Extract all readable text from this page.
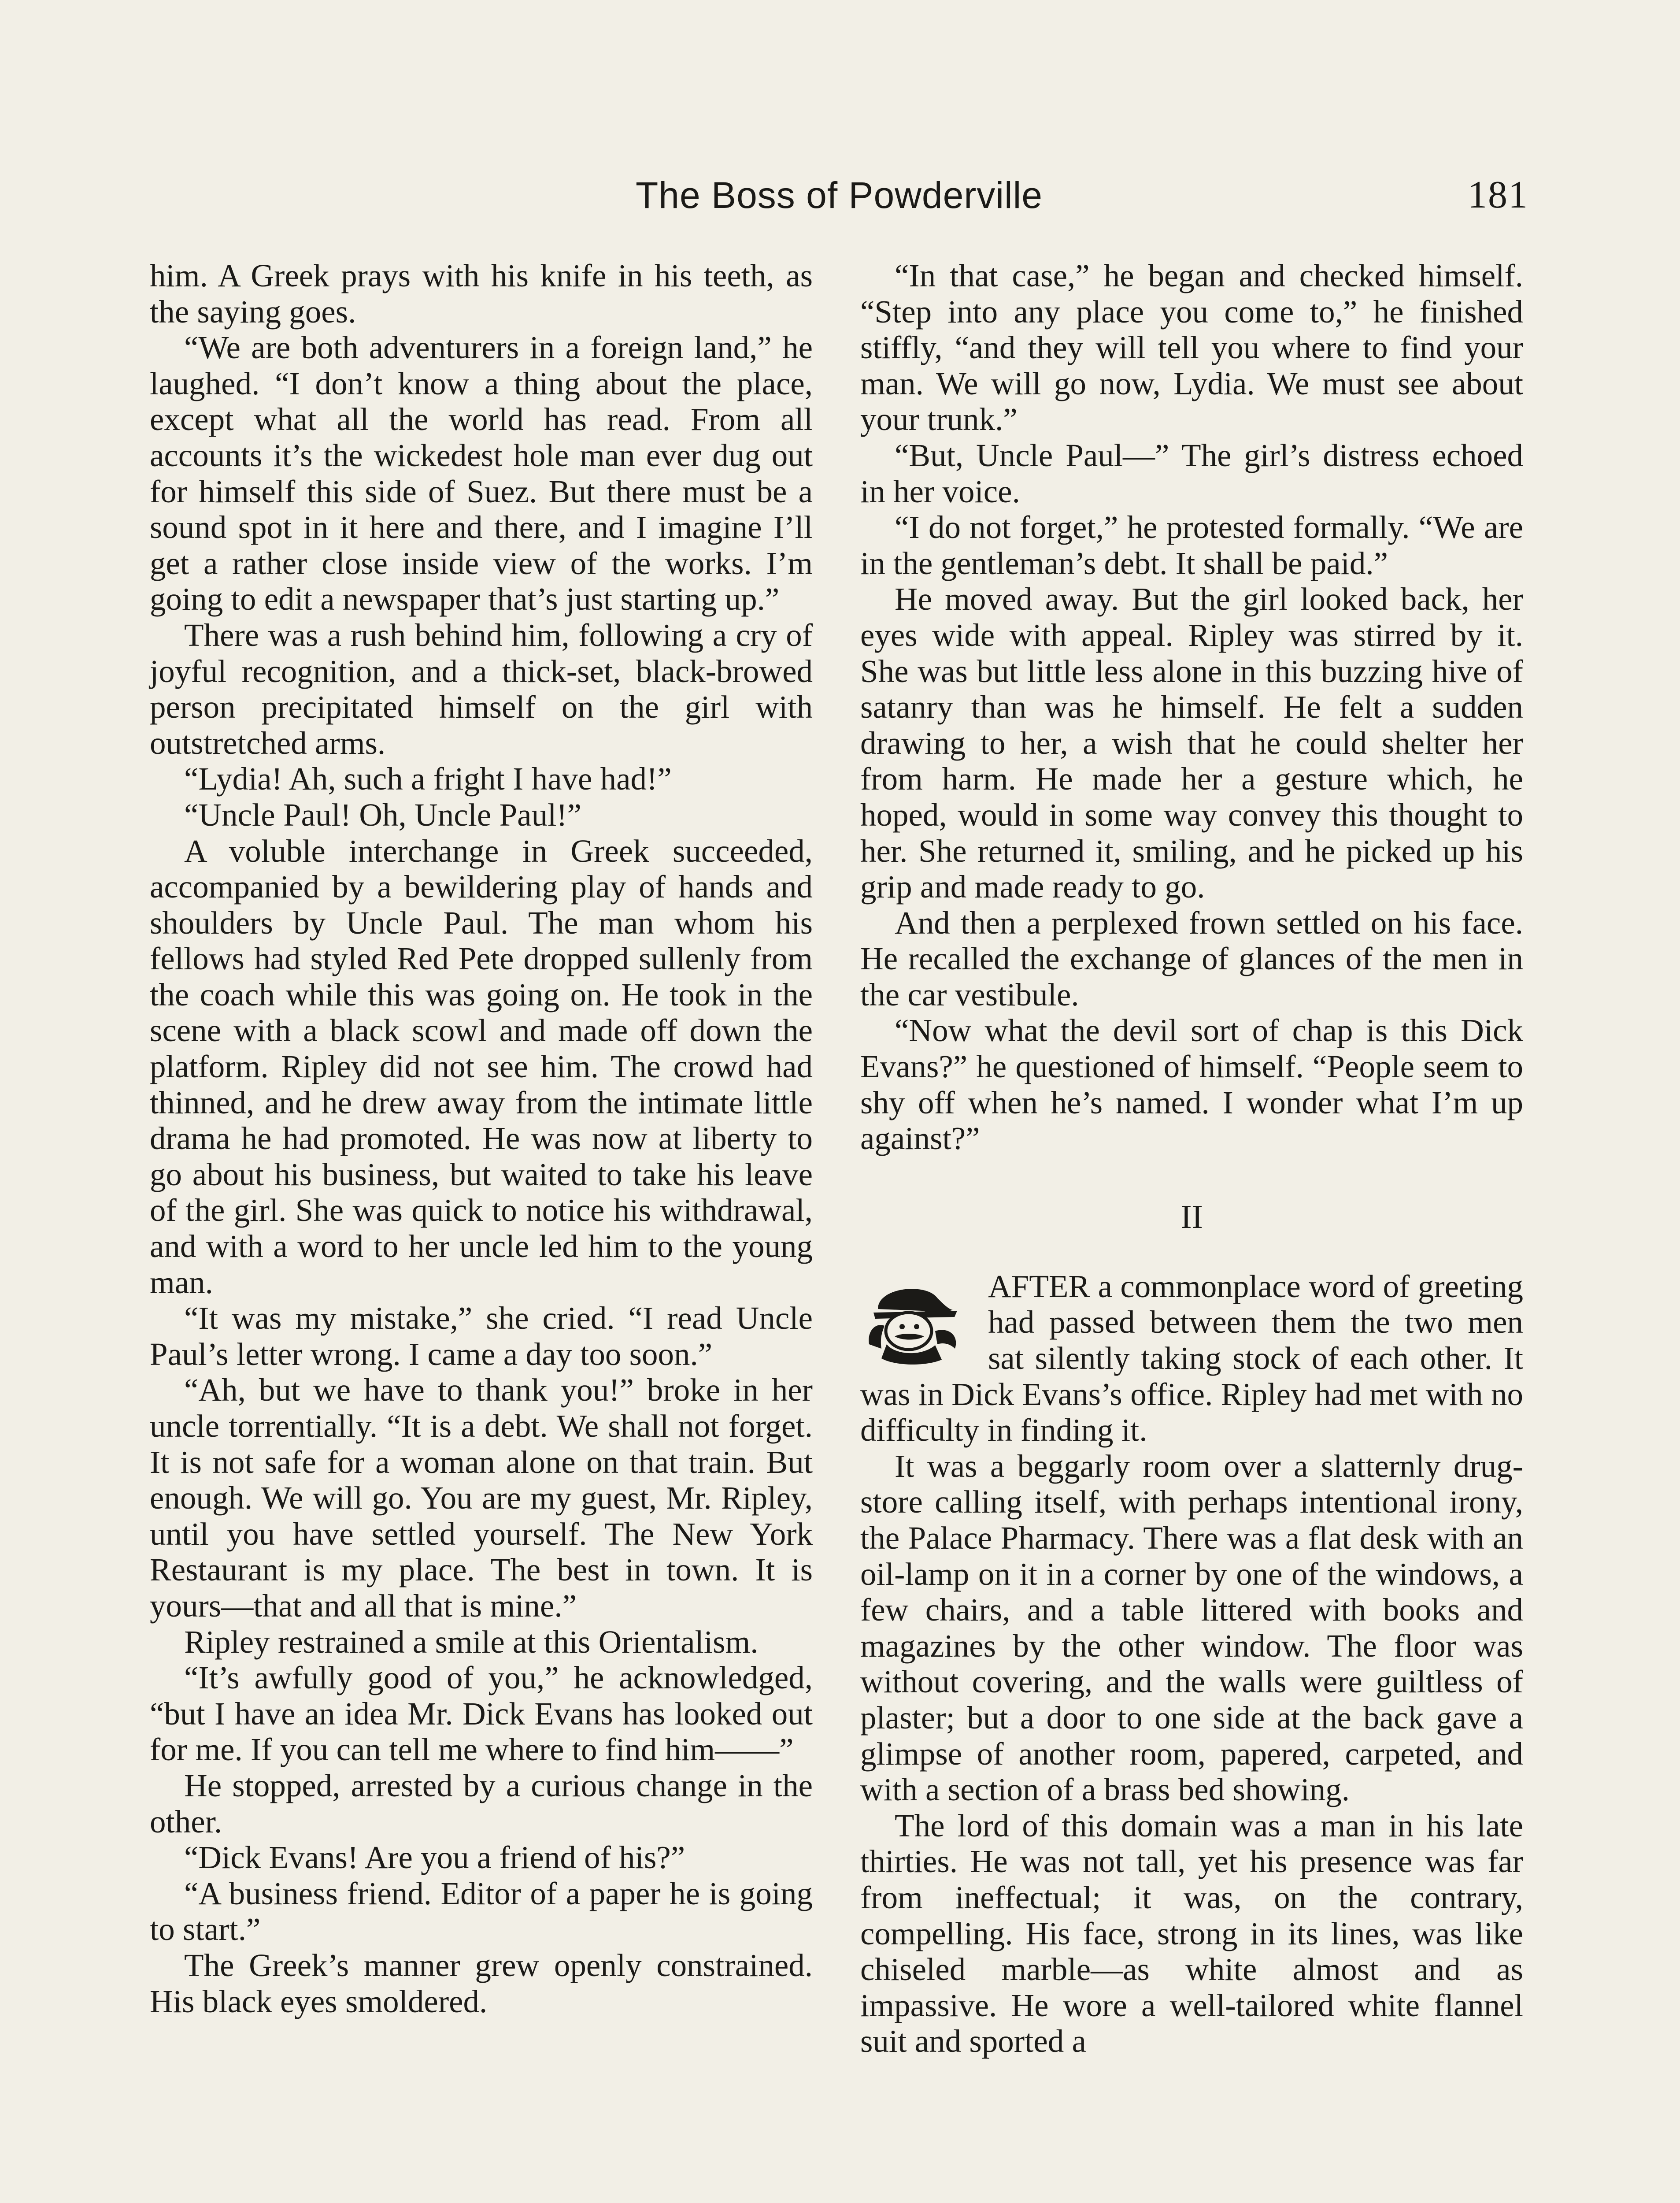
The Boss of Powderville	181

him. A Greek prays with his knife in his teeth, as the saying goes.

“We are both adventurers in a foreign land,” he laughed. “I don’t know a thing about the place, except what all the world has read. From all accounts it’s the wickedest hole man ever dug out for himself this side of Suez. But there must be a sound spot in it here and there, and I imagine I’ll get a rather close inside view of the works. I’m going to edit a newspaper that’s just starting up.”

There was a rush behind him, following a cry of joyful recognition, and a thick-set, black-browed person precipitated himself on the girl with outstretched arms.

“Lydia! Ah, such a fright I have had!”

“Uncle Paul! Oh, Uncle Paul!”

A voluble interchange in Greek succeeded, accompanied by a bewildering play of hands and shoulders by Uncle Paul. The man whom his fellows had styled Red Pete dropped sullenly from the coach while this was going on. He took in the scene with a black scowl and made off down the platform. Ripley did not see him. The crowd had thinned, and he drew away from the intimate little drama he had promoted. He was now at liberty to go about his business, but waited to take his leave of the girl. She was quick to notice his withdrawal, and with a word to her uncle led him to the young man.

“It was my mistake,” she cried. “I read Uncle Paul’s letter wrong. I came a day too soon.”

“Ah, but we have to thank you!” broke in her uncle torrentially. “It is a debt. We shall not forget. It is not safe for a woman alone on that train. But enough. We will go. You are my guest, Mr. Ripley, until you have settled yourself. The New York Restaurant is my place. The best in town. It is yours—that and all that is mine.”

Ripley restrained a smile at this Orientalism.

“It’s awfully good of you,” he acknowledged, “but I have an idea Mr. Dick Evans has looked out for me. If you can tell me where to find him——”

He stopped, arrested by a curious change in the other.

“Dick Evans! Are you a friend of his?”

“A business friend. Editor of a paper he is going to start.”

The Greek’s manner grew openly constrained. His black eyes smoldered.

“In that case,” he began and checked himself. “Step into any place you come to,” he finished stiffly, “and they will tell you where to find your man. We will go now, Lydia. We must see about your trunk.”

“But, Uncle Paul—” The girl’s distress echoed in her voice.

“I do not forget,” he protested formally. “We are in the gentleman’s debt. It shall be paid.”

He moved away. But the girl looked back, her eyes wide with appeal. Ripley was stirred by it. She was but little less alone in this buzzing hive of satanry than was he himself. He felt a sudden drawing to her, a wish that he could shelter her from harm. He made her a gesture which, he hoped, would in some way convey this thought to her. She returned it, smiling, and he picked up his grip and made ready to go.

And then a perplexed frown settled on his face. He recalled the exchange of glances of the men in the car vestibule.

“Now what the devil sort of chap is this Dick Evans?” he questioned of himself. “People seem to shy off when he’s named. I wonder what I’m up against?”

II

AFTER a commonplace word of greeting had passed between them the two men sat silently taking stock of each other. It was in Dick Evans’s office. Ripley had met with no difficulty in finding it.

It was a beggarly room over a slatternly drug-store calling itself, with perhaps intentional irony, the Palace Pharmacy. There was a flat desk with an oil-lamp on it in a corner by one of the windows, a few chairs, and a table littered with books and magazines by the other window. The floor was without covering, and the walls were guiltless of plaster; but a door to one side at the back gave a glimpse of another room, papered, carpeted, and with a section of a brass bed showing.

The lord of this domain was a man in his late thirties. He was not tall, yet his presence was far from ineffectual; it was, on the contrary, compelling. His face, strong in its lines, was like chiseled marble—as white almost and as impassive. He wore a well-tailored white flannel suit and sported a
